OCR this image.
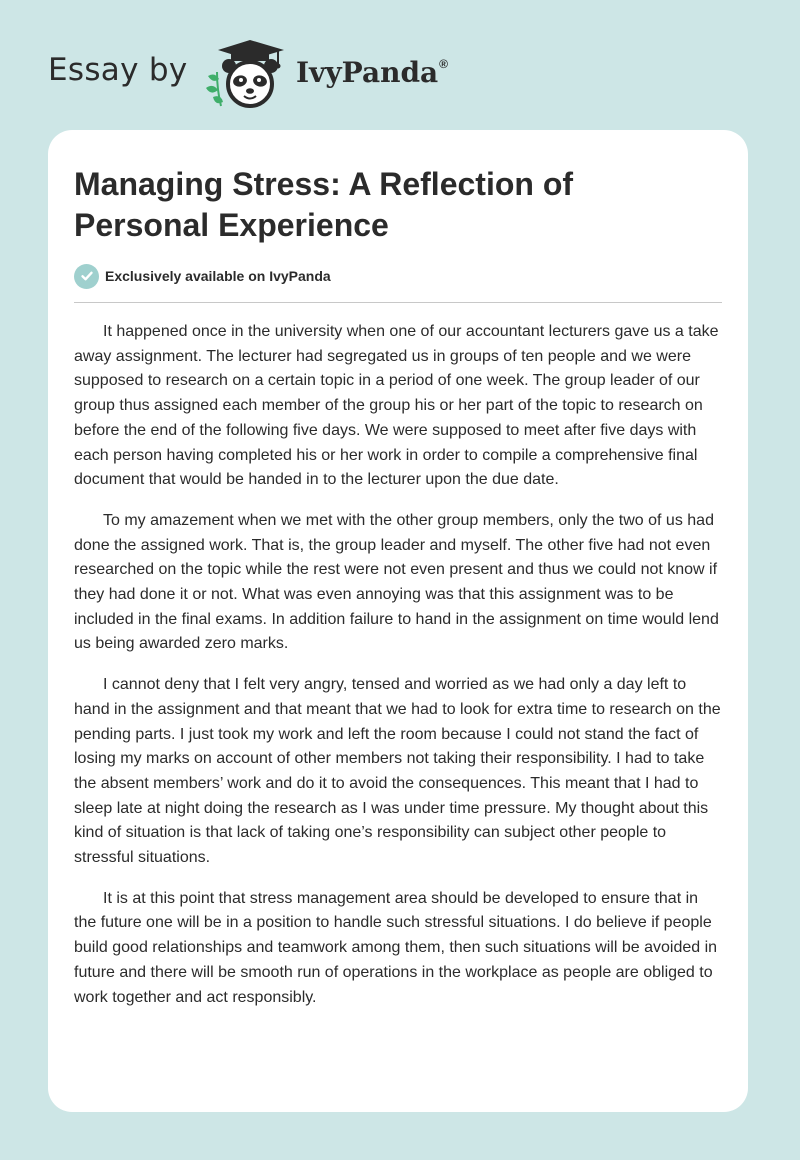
Essay by	IvyPanda®
Managing Stress: A Reflection of Personal Experience
Exclusively available on IvyPanda

It happened once in the university when one of our accountant lecturers gave us a take away assignment. The lecturer had segregated us in groups of ten people and we were supposed to research on a certain topic in a period of one week. The group leader of our group thus assigned each member of the group his or her part of the topic to research on before the end of the following five days. We were supposed to meet after five days with each person having completed his or her work in order to compile a comprehensive final document that would be handed in to the lecturer upon the due date.

To my amazement when we met with the other group members, only the two of us had done the assigned work. That is, the group leader and myself. The other five had not even researched on the topic while the rest were not even present and thus we could not know if they had done it or not. What was even annoying was that this assignment was to be included in the final exams. In addition failure to hand in the assignment on time would lend us being awarded zero marks.

I cannot deny that I felt very angry, tensed and worried as we had only a day left to hand in the assignment and that meant that we had to look for extra time to research on the pending parts. I just took my work and left the room because I could not stand the fact of losing my marks on account of other members not taking their responsibility. I had to take the absent members’ work and do it to avoid the consequences. This meant that I had to sleep late at night doing the research as I was under time pressure. My thought about this kind of situation is that lack of taking one’s responsibility can subject other people to stressful situations.

It is at this point that stress management area should be developed to ensure that in the future one will be in a position to handle such stressful situations. I do believe if people build good relationships and teamwork among them, then such situations will be avoided in future and there will be smooth run of operations in the workplace as people are obliged to work together and act responsibly.
